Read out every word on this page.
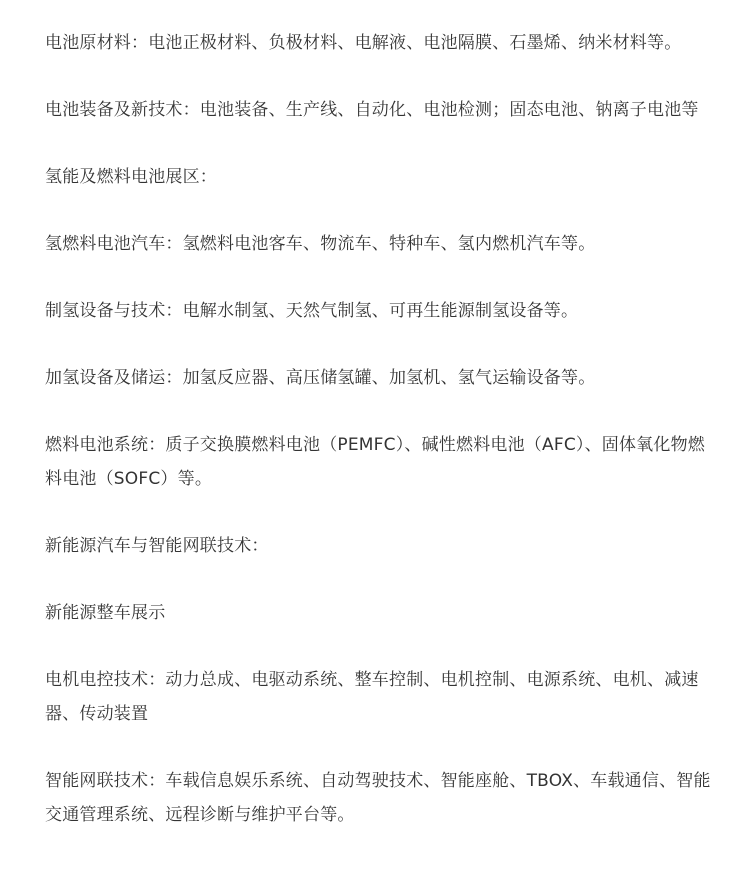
电池原材料：电池正极材料、负极材料、电解液、电池隔膜、石墨烯、纳米材料等。

电池装备及新技术：电池装备、生产线、自动化、电池检测；固态电池、钠离子电池等

氢能及燃料电池展区：

氢燃料电池汽车：氢燃料电池客车、物流车、特种车、氢内燃机汽车等。

制氢设备与技术：电解水制氢、天然气制氢、可再生能源制氢设备等。

加氢设备及储运：加氢反应器、高压储氢罐、加氢机、氢气运输设备等。

燃料电池系统：质子交换膜燃料电池（PEMFC）、碱性燃料电池（AFC）、固体氧化物燃料电池（SOFC）等。

新能源汽车与智能网联技术：

新能源整车展示

电机电控技术：动力总成、电驱动系统、整车控制、电机控制、电源系统、电机、减速器、传动装置

智能网联技术：车载信息娱乐系统、自动驾驶技术、智能座舱、TBOX、车载通信、智能交通管理系统、远程诊断与维护平台等。
